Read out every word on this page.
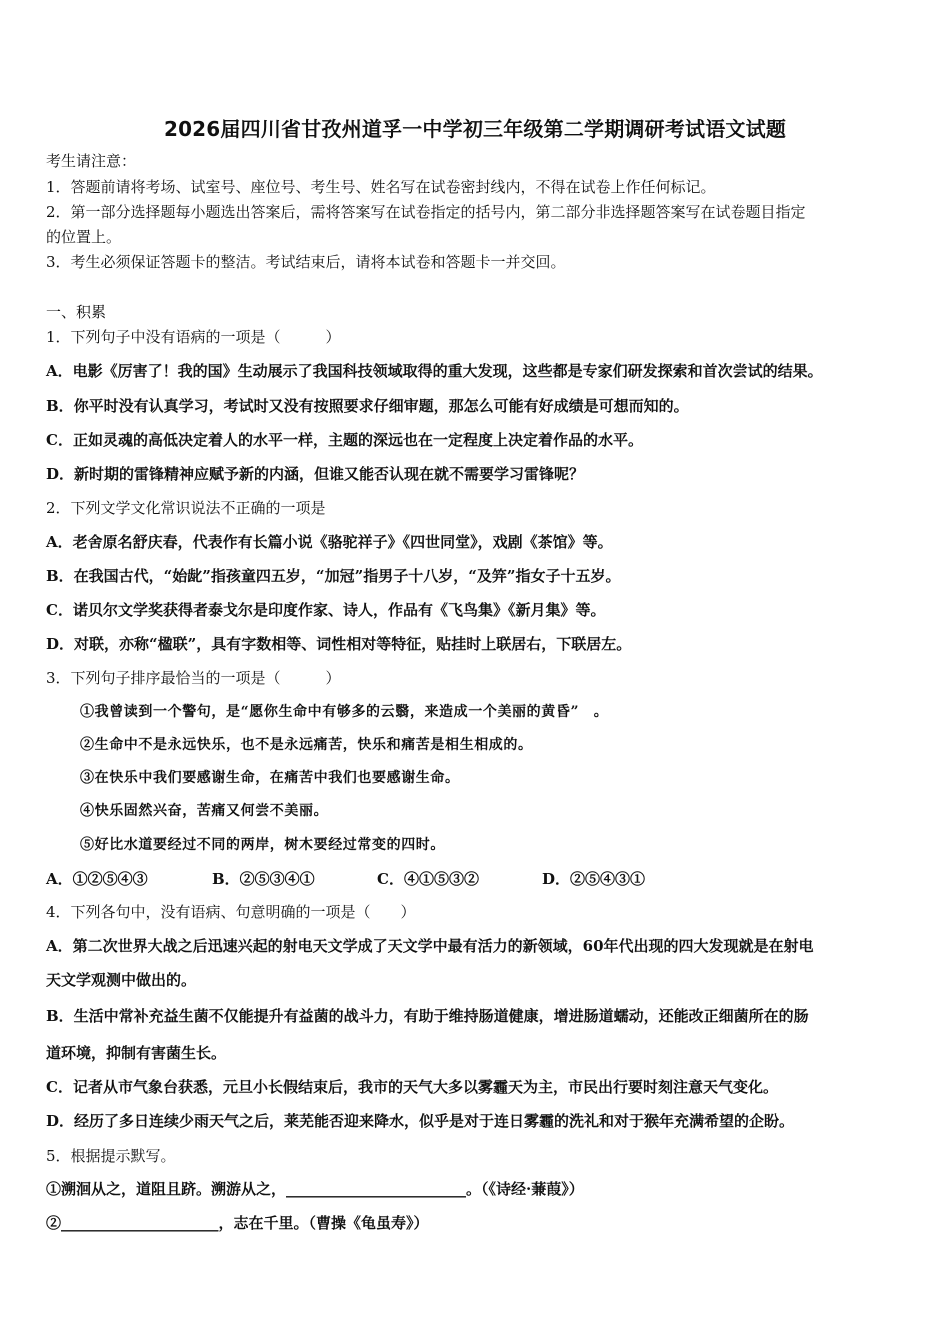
2026届四川省甘孜州道孚一中学初三年级第二学期调研考试语文试题
考生请注意：
1．答题前请将考场、试室号、座位号、考生号、姓名写在试卷密封线内，不得在试卷上作任何标记。
2．第一部分选择题每小题选出答案后，需将答案写在试卷指定的括号内，第二部分非选择题答案写在试卷题目指定
的位置上。
3．考生必须保证答题卡的整洁。考试结束后，请将本试卷和答题卡一并交回。
一、积累
1．下列句子中没有语病的一项是（　　　）
A．电影《厉害了！我的国》生动展示了我国科技领域取得的重大发现，这些都是专家们研发探索和首次尝试的结果。
B．你平时没有认真学习，考试时又没有按照要求仔细审题，那怎么可能有好成绩是可想而知的。
C．正如灵魂的高低决定着人的水平一样，主题的深远也在一定程度上决定着作品的水平。
D．新时期的雷锋精神应赋予新的内涵，但谁又能否认现在就不需要学习雷锋呢？
2．下列文学文化常识说法不正确的一项是
A．老舍原名舒庆春，代表作有长篇小说《骆驼祥子》《四世同堂》，戏剧《茶馆》等。
B．在我国古代，“始龀”指孩童四五岁，“加冠”指男子十八岁，“及笄”指女子十五岁。
C．诺贝尔文学奖获得者泰戈尔是印度作家、诗人，作品有《飞鸟集》《新月集》等。
D．对联，亦称“楹联”，具有字数相等、词性相对等特征，贴挂时上联居右，下联居左。
3．下列句子排序最恰当的一项是（　　　）
①我曾读到一个警句，是“愿你生命中有够多的云翳，来造成一个美丽的黄昏”　。
②生命中不是永远快乐，也不是永远痛苦，快乐和痛苦是相生相成的。
③在快乐中我们要感谢生命，在痛苦中我们也要感谢生命。
④快乐固然兴奋，苦痛又何尝不美丽。
⑤好比水道要经过不同的两岸，树木要经过常变的四时。
A．①②⑤④③	B．②⑤③④①	C．④①⑤③②	D．②⑤④③①
4．下列各句中，没有语病、句意明确的一项是（　　）
A．第二次世界大战之后迅速兴起的射电天文学成了天文学中最有活力的新领域，60年代出现的四大发现就是在射电
天文学观测中做出的。
B．生活中常补充益生菌不仅能提升有益菌的战斗力，有助于维持肠道健康，增进肠道蠕动，还能改正细菌所在的肠
道环境，抑制有害菌生长。
C．记者从市气象台获悉，元旦小长假结束后，我市的天气大多以雾霾天为主，市民出行要时刻注意天气变化。
D．经历了多日连续少雨天气之后，莱芜能否迎来降水，似乎是对于连日雾霾的洗礼和对于猴年充满希望的企盼。
5．根据提示默写。
①溯洄从之，道阻且跻。溯游从之，________________________。（《诗经·蒹葭》）
②_____________________，志在千里。（曹操《龟虽寿》）
